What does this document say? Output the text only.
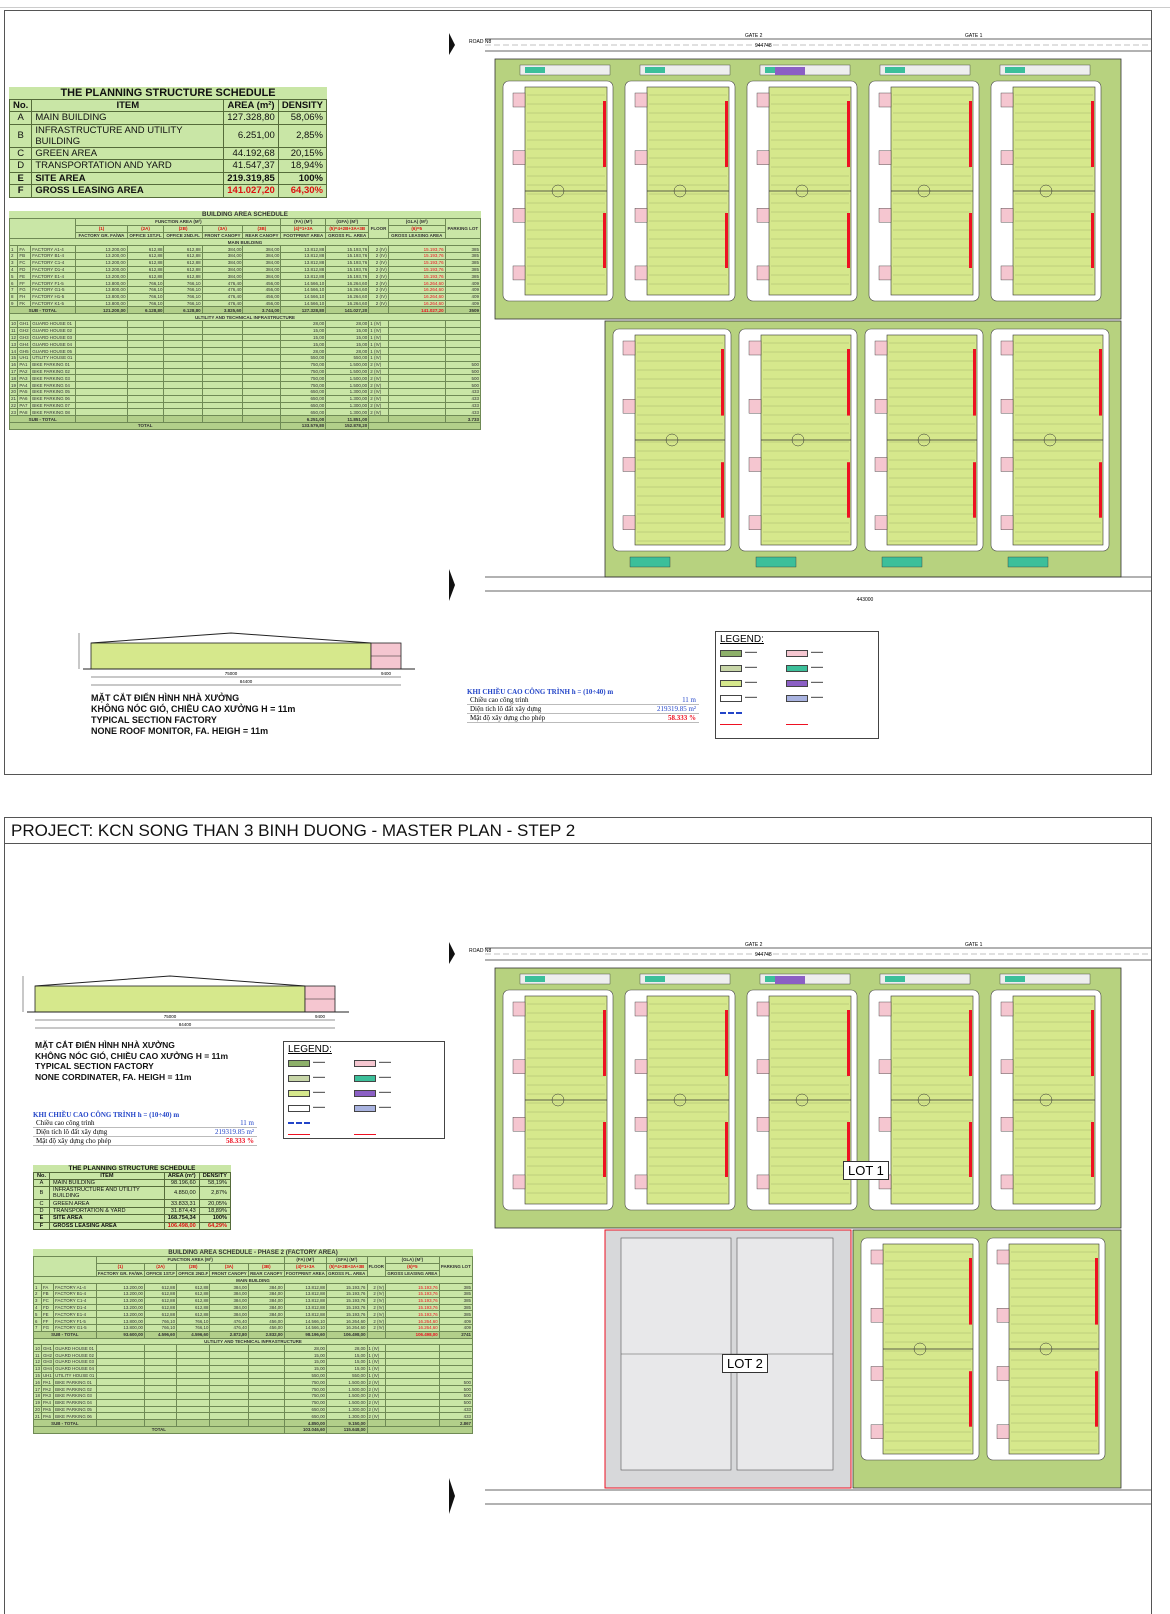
THE PLANNING STRUCTURE SCHEDULE			
No.	ITEM	AREA (m²)	DENSITY
A	MAIN BUILDING	127.328,80	58,06%
B	INFRASTRUCTURE AND UTILITY BUILDING	6.251,00	2,85%
C	GREEN AREA	44.192,68	20,15%
D	TRANSPORTATION AND YARD	41.547,37	18,94%
E	SITE AREA	219.319,85	100%
F	GROSS LEASING AREA	141.027,20	64,30%
BUILDING AREA SCHEDULE												
			FUNCTION AREA (M²)					(FA) (M²)	(GFA) (M²)	FLOOR	(GLA) (M²)	PARKING LOT
			(1)	(2A)	(2B)	(3A)	(3B)	(4)=1+3A	(5)=4+2B+3A+3B		(6)=5	
			FACTORY GR. FA/WA	OFFICE 1ST.FL	OFFICE 2ND.FL	FRONT CANOPY	REAR CANOPY	FOOTPRINT AREA	GROSS FL. AREA		GROSS LEASING AREA	
MAIN BUILDING												
1	FA	FACTORY A1-4	13.200,00	612,88	612,88	384,00	384,00	13.812,88	15.193,76	2 (IV)	15.193,76	385
2	FB	FACTORY B1-4	13.200,00	612,88	612,88	384,00	384,00	13.812,88	15.193,76	2 (IV)	15.193,76	385
3	FC	FACTORY C1-4	13.200,00	612,88	612,88	384,00	384,00	13.812,88	15.193,76	2 (IV)	15.193,76	385
4	FD	FACTORY D1-4	13.200,00	612,88	612,88	384,00	384,00	13.812,88	15.193,76	2 (IV)	15.193,76	385
5	FE	FACTORY E1-4	13.200,00	612,88	612,88	384,00	384,00	13.812,88	15.193,76	2 (IV)	15.193,76	385
6	FF	FACTORY F1-5	13.800,00	766,10	766,10	476,40	456,00	14.566,10	16.264,60	2 (IV)	16.264,60	409
7	FG	FACTORY G1-5	13.800,00	766,10	766,10	476,40	456,00	14.566,10	16.264,60	2 (IV)	16.264,60	409
8	FH	FACTORY H1-5	13.800,00	766,10	766,10	476,40	456,00	14.566,10	16.264,60	2 (IV)	16.264,60	409
9	FK	FACTORY K1-5	13.800,00	766,10	766,10	476,40	456,00	14.566,10	16.264,60	2 (IV)	16.264,60	409
SUB - TOTAL			121.200,00	6.128,80	6.128,80	3.825,60	3.744,00	127.328,80	141.027,20		141.027,20	3509
ULTILITY AND TECHNICAL INFRASTRUCTURE												
10	GH1	GUARD HOUSE 01						28,00	28,00	1 (IV)		
11	GH2	GUARD HOUSE 02						15,00	15,00	1 (IV)		
12	GH3	GUARD HOUSE 03						15,00	15,00	1 (IV)		
13	GH4	GUARD HOUSE 04						15,00	15,00	1 (IV)		
14	GH5	GUARD HOUSE 05						28,00	28,00	1 (IV)		
15	UH1	UTILITY HOUSE 01						550,00	550,00	1 (IV)		
16	PA1	BIKE PARKING 01						750,00	1.500,00	2 (IV)		500
17	PA2	BIKE PARKING 02						750,00	1.500,00	2 (IV)		500
18	PA3	BIKE PARKING 03						750,00	1.500,00	2 (IV)		500
19	PA4	BIKE PARKING 04						750,00	1.500,00	2 (IV)		500
20	PA5	BIKE PARKING 05						650,00	1.300,00	2 (IV)		433
21	PA6	BIKE PARKING 06						650,00	1.300,00	2 (IV)		433
22	PA7	BIKE PARKING 07						650,00	1.300,00	2 (IV)		433
23	PA8	BIKE PARKING 08						650,00	1.300,00	2 (IV)		433
SUB - TOTAL								6.251,00	11.851,00			3.733
TOTAL								133.579,80	152.878,20			
75000
84400
9400
MẶT CẮT ĐIỂN HÌNH NHÀ XƯỞNG
KHÔNG NÓC GIÓ, CHIỀU CAO XƯỞNG H = 11m
TYPICAL SECTION FACTORY
NONE ROOF MONITOR, FA. HEIGH = 11m
KHI CHIỀU CAO CÔNG TRÌNH h = (10÷40) m
Chiều cao công trình	11 m
Diện tích lô đất xây dựng	219319.85 m²
Mật độ xây dựng cho phép	58.333 %
LEGEND:
▬▬▬	▬▬▬
▬▬▬	▬▬▬
▬▬▬	▬▬▬
▬▬▬	▬▬▬
ROAD N8
GATE 2	GATE 1
443000
944748
PROJECT: KCN SONG THAN 3 BINH DUONG - MASTER PLAN - STEP 2
75000
84400
9400
MẶT CẮT ĐIỂN HÌNH NHÀ XƯỞNG
KHÔNG NÓC GIÓ, CHIỀU CAO XƯỞNG H = 11m
TYPICAL SECTION FACTORY
NONE CORDINATER, FA. HEIGH = 11m
LEGEND:
▬▬▬	▬▬▬
▬▬▬	▬▬▬
▬▬▬	▬▬▬
▬▬▬	▬▬▬
KHI CHIỀU CAO CÔNG TRÌNH h = (10÷40) m
Chiều cao công trình	11 m
Diện tích lô đất xây dựng	219319.85 m²
Mật độ xây dựng cho phép	58.333 %
THE PLANNING STRUCTURE SCHEDULE			
No.	ITEM	AREA (m²)	DENSITY
A	MAIN BUILDING	98.196,60	58,19%
B	INFRASTRUCTURE AND UTILITY BUILDING	4.850,00	2,87%
C	GREEN AREA	33.833,31	20,05%
D	TRANSPORTATION & YARD	31.874,43	18,89%
E	SITE AREA	168.754,34	100%
F	GROSS LEASING AREA	106.498,00	64,29%
BUILDING AREA SCHEDULE - PHASE 2 (FACTORY AREA)												
			FUNCTION AREA (M²)					(FA) (M²)	(GFA) (M²)	FLOOR	(GLA) (M²)	PARKING LOT
			(1)	(2A)	(2B)	(3A)	(3B)	(4)=1+3A	(5)=4+2B+3A+3B		(6)=5	
			FACTORY GR. FA/WA	OFFICE 1ST.F	OFFICE 2ND.F	FRONT CANOPY	REAR CANOPY	FOOTPRINT AREA	GROSS FL. AREA		GROSS LEASING AREA	
MAIN BUILDING												
1	FA	FACTORY A1-4	13.200,00	612,88	612,88	384,00	384,00	13.812,88	15.193,76	2 (IV)	15.193,76	385
2	FB	FACTORY B1-4	13.200,00	612,88	612,88	384,00	384,00	13.812,88	15.193,76	2 (IV)	15.193,76	385
3	FC	FACTORY C1-4	13.200,00	612,88	612,88	384,00	384,00	13.812,88	15.193,76	2 (IV)	15.193,76	385
4	FD	FACTORY D1-4	13.200,00	612,88	612,88	384,00	384,00	13.812,88	15.193,76	2 (IV)	15.193,76	385
5	FE	FACTORY E1-4	13.200,00	612,88	612,88	384,00	384,00	13.812,88	15.193,76	2 (IV)	15.193,76	385
6	FF	FACTORY F1-5	13.800,00	766,10	766,10	476,40	456,00	14.566,10	16.264,60	2 (IV)	16.264,60	409
7	FG	FACTORY G1-5	13.800,00	766,10	766,10	476,40	456,00	14.566,10	16.264,60	2 (IV)	16.264,60	409
SUB - TOTAL			93.600,00	4.596,60	4.596,60	2.872,80	2.832,00	98.196,60	106.498,00		106.498,00	2741
ULTILITY AND TECHNICAL INFRASTRUCTURE												
10	GH1	GUARD HOUSE 01						28,00	28,00	1 (IV)		
11	GH2	GUARD HOUSE 02						15,00	15,00	1 (IV)		
12	GH3	GUARD HOUSE 03						15,00	15,00	1 (IV)		
13	GH4	GUARD HOUSE 04						15,00	15,00	1 (IV)		
15	UH1	UTILITY HOUSE 01						550,00	550,00	1 (IV)		
16	PA1	BIKE PARKING 01						750,00	1.500,00	2 (IV)		500
17	PA2	BIKE PARKING 02						750,00	1.500,00	2 (IV)		500
18	PA3	BIKE PARKING 03						750,00	1.500,00	2 (IV)		500
19	PA4	BIKE PARKING 04						750,00	1.500,00	2 (IV)		500
20	PA5	BIKE PARKING 05						650,00	1.300,00	2 (IV)		433
21	PA6	BIKE PARKING 06						650,00	1.300,00	2 (IV)		433
SUB - TOTAL								4.850,00	9.150,00			2.867
TOTAL								103.046,60	115.648,00			
ROAD N8
GATE 2	GATE 1
944748
LOT 1
LOT 2
